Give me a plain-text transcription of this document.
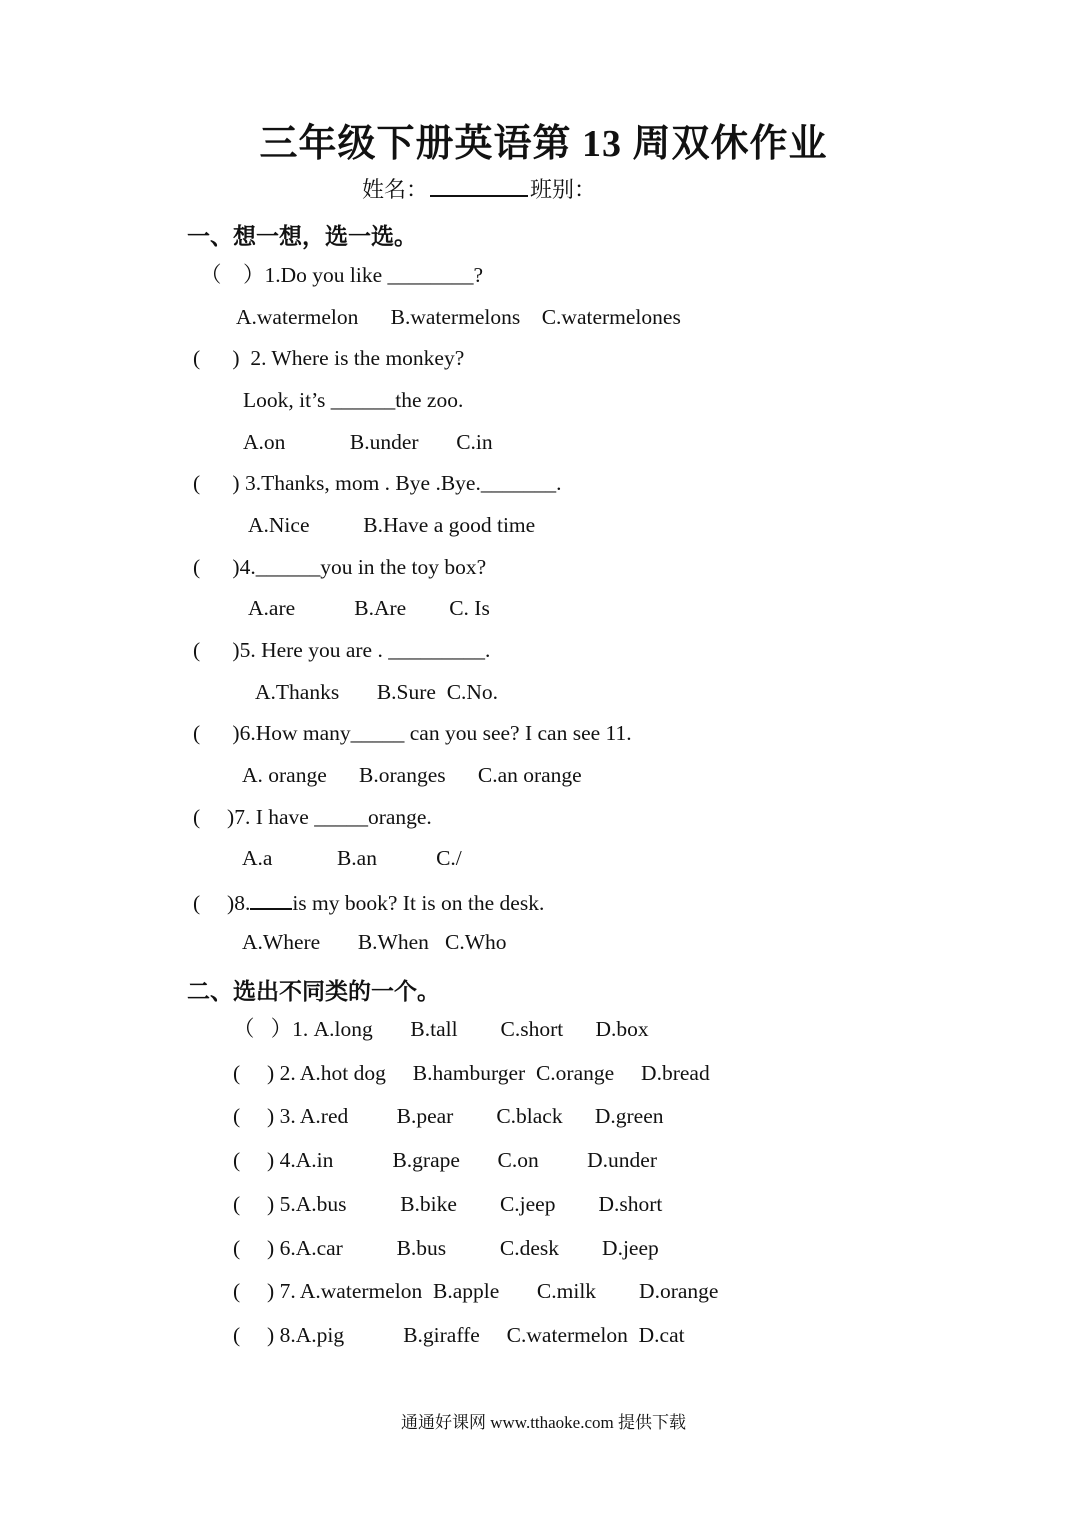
三年级下册英语第 13 周双休作业
姓名：	班别：
一、想一想，选一选。
（    ）1.Do you like ________?
A.watermelon      B.watermelons    C.watermelones
(      )  2. Where is the monkey?
Look, it’s ______the zoo.
A.on            B.under       C.in
(      ) 3.Thanks, mom . Bye .Bye._______.
A.Nice          B.Have a good time
(      )4.______you in the toy box?
A.are           B.Are        C. Is
(      )5. Here you are . _________.
A.Thanks       B.Sure  C.No.
(      )6.How many_____ can you see? I can see 11.
A. orange      B.oranges      C.an orange
(     )7. I have _____orange.
A.a            B.an           C./
(     )8. is my book? It is on the desk.
A.Where       B.When   C.Who
二、选出不同类的一个。
（   ）1. A.long       B.tall        C.short      D.box
(     ) 2. A.hot dog     B.hamburger  C.orange     D.bread
(     ) 3. A.red         B.pear        C.black      D.green
(     ) 4.A.in           B.grape       C.on         D.under
(     ) 5.A.bus          B.bike        C.jeep        D.short
(     ) 6.A.car          B.bus          C.desk        D.jeep
(     ) 7. A.watermelon  B.apple       C.milk        D.orange
(     ) 8.A.pig           B.giraffe     C.watermelon  D.cat
通通好课网 www.tthaoke.com 提供下载
